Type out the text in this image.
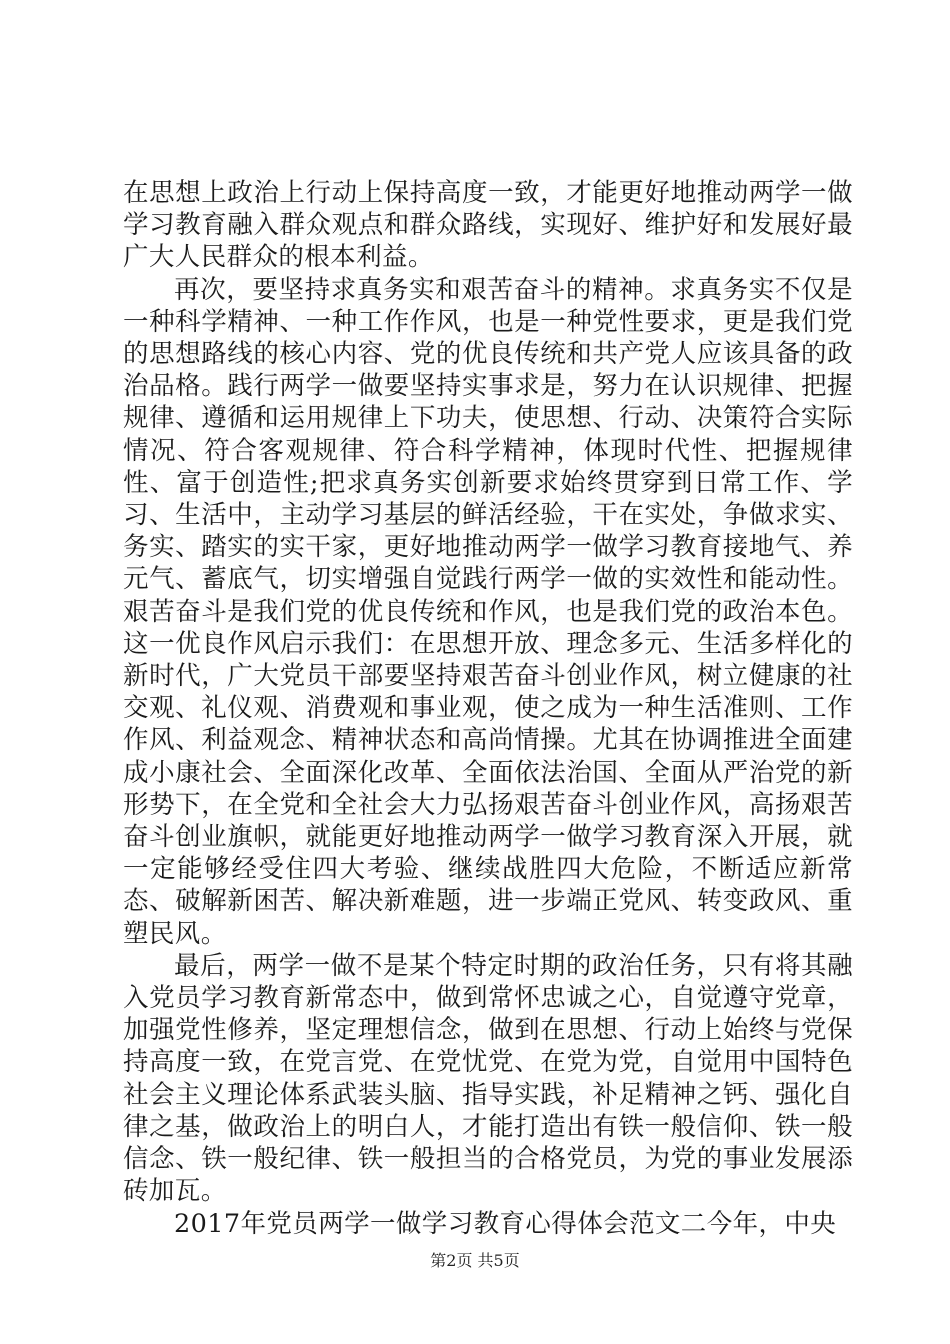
在思想上政治上行动上保持高度一致，才能更好地推动两学一做学习教育融入群众观点和群众路线，实现好、维护好和发展好最广大人民群众的根本利益。

再次，要坚持求真务实和艰苦奋斗的精神。求真务实不仅是一种科学精神、一种工作作风，也是一种党性要求，更是我们党的思想路线的核心内容、党的优良传统和共产党人应该具备的政治品格。践行两学一做要坚持实事求是，努力在认识规律、把握规律、遵循和运用规律上下功夫，使思想、行动、决策符合实际情况、符合客观规律、符合科学精神，体现时代性、把握规律性、富于创造性;把求真务实创新要求始终贯穿到日常工作、学习、生活中，主动学习基层的鲜活经验，干在实处，争做求实、务实、踏实的实干家，更好地推动两学一做学习教育接地气、养元气、蓄底气，切实增强自觉践行两学一做的实效性和能动性。艰苦奋斗是我们党的优良传统和作风，也是我们党的政治本色。这一优良作风启示我们：在思想开放、理念多元、生活多样化的新时代，广大党员干部要坚持艰苦奋斗创业作风，树立健康的社交观、礼仪观、消费观和事业观，使之成为一种生活准则、工作作风、利益观念、精神状态和高尚情操。尤其在协调推进全面建成小康社会、全面深化改革、全面依法治国、全面从严治党的新形势下，在全党和全社会大力弘扬艰苦奋斗创业作风，高扬艰苦奋斗创业旗帜，就能更好地推动两学一做学习教育深入开展，就一定能够经受住四大考验、继续战胜四大危险，不断适应新常态、破解新困苦、解决新难题，进一步端正党风、转变政风、重塑民风。

最后，两学一做不是某个特定时期的政治任务，只有将其融入党员学习教育新常态中，做到常怀忠诚之心，自觉遵守党章，加强党性修养，坚定理想信念，做到在思想、行动上始终与党保持高度一致，在党言党、在党忧党、在党为党，自觉用中国特色社会主义理论体系武装头脑、指导实践，补足精神之钙、强化自律之基，做政治上的明白人，才能打造出有铁一般信仰、铁一般信念、铁一般纪律、铁一般担当的合格党员，为党的事业发展添砖加瓦。

2017年党员两学一做学习教育心得体会范文二今年，中央

第2页 共5页
